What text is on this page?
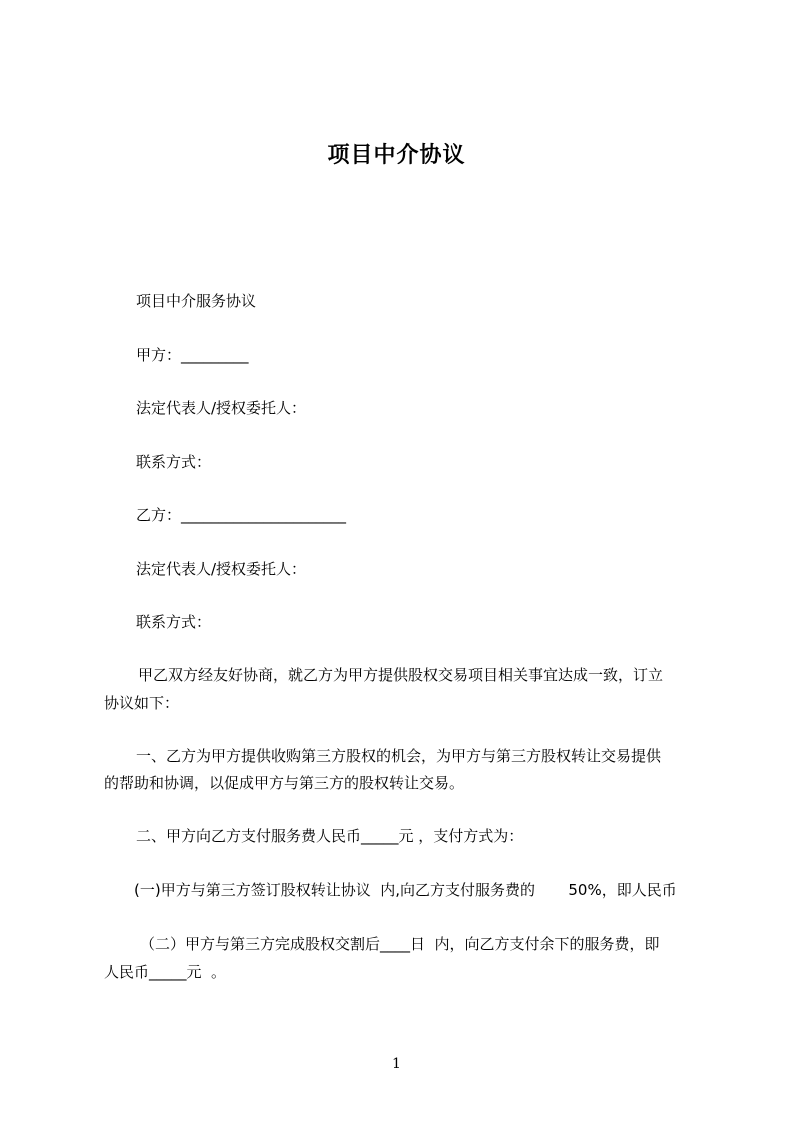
项目中介协议
项目中介服务协议
甲方：_________
法定代表人/授权委托人：
联系方式：
乙方：______________________
法定代表人/授权委托人：
联系方式：
甲乙双方经友好协商，就乙方为甲方提供股权交易项目相关事宜达成一致，订立
协议如下：
一、乙方为甲方提供收购第三方股权的机会，为甲方与第三方股权转让交易提供
的帮助和协调，以促成甲方与第三方的股权转让交易。
二、甲方向乙方支付服务费人民币_____元 ，支付方式为：
(一)甲方与第三方签订股权转让协议  内,向乙方支付服务费的       50%，即人民币
（二）甲方与第三方完成股权交割后____日  内，向乙方支付余下的服务费，即
人民币_____元  。
1
